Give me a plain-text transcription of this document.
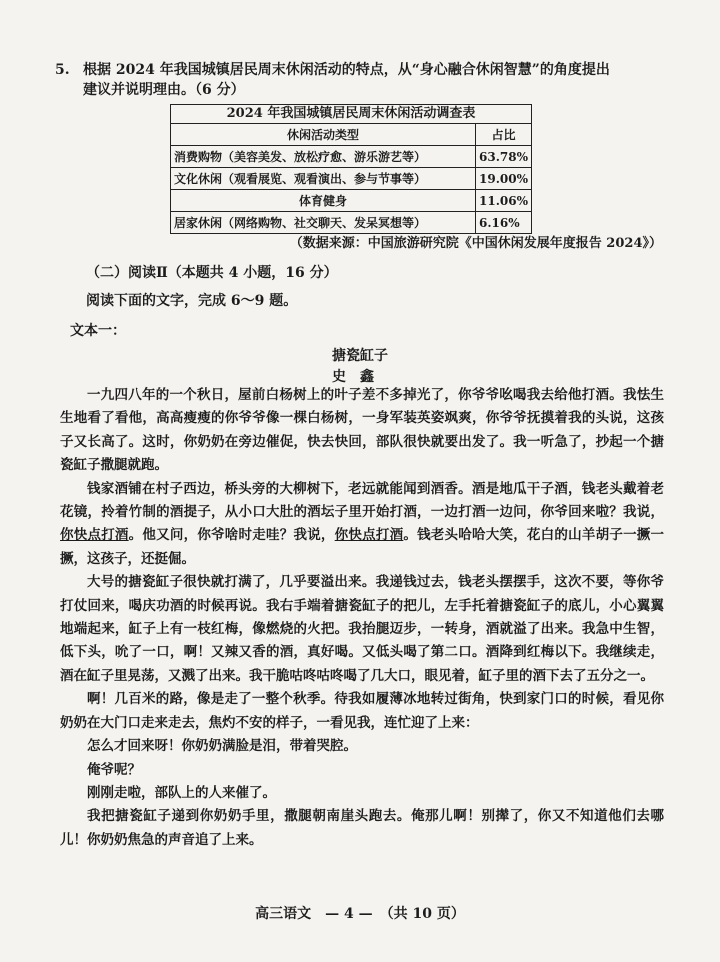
5. 根据 2024 年我国城镇居民周末休闲活动的特点，从“身心融合休闲智慧”的角度提出
建议并说明理由。（6 分）
2024 年我国城镇居民周末休闲活动调查表
休闲活动类型	占比
消费购物（美容美发、放松疗愈、游乐游艺等）	63.78%
文化休闲（观看展览、观看演出、参与节事等）	19.00%
体育健身	11.06%
居家休闲（网络购物、社交聊天、发呆冥想等）	6.16%
（数据来源：中国旅游研究院《中国休闲发展年度报告 2024》）
（二）阅读Ⅱ（本题共 4 小题，16 分）
阅读下面的文字，完成 6～9 题。
文本一：
搪瓷缸子
史鑫

一九四八年的一个秋日，屋前白杨树上的叶子差不多掉光了，你爷爷吆喝我去给他打酒。我怯生生地看了看他，高高瘦瘦的你爷爷像一棵白杨树，一身军装英姿飒爽，你爷爷抚摸着我的头说，这孩子又长高了。这时，你奶奶在旁边催促，快去快回，部队很快就要出发了。我一听急了，抄起一个搪瓷缸子撒腿就跑。

钱家酒铺在村子西边，桥头旁的大柳树下，老远就能闻到酒香。酒是地瓜干子酒，钱老头戴着老花镜，拎着竹制的酒提子，从小口大肚的酒坛子里开始打酒，一边打酒一边问，你爷回来啦？我说，你快点打酒。他又问，你爷啥时走哇？我说，你快点打酒。钱老头哈哈大笑，花白的山羊胡子一撅一撅，这孩子，还挺倔。

大号的搪瓷缸子很快就打满了，几乎要溢出来。我递钱过去，钱老头摆摆手，这次不要，等你爷打仗回来，喝庆功酒的时候再说。我右手端着搪瓷缸子的把儿，左手托着搪瓷缸子的底儿，小心翼翼地端起来，缸子上有一枝红梅，像燃烧的火把。我抬腿迈步，一转身，酒就溢了出来。我急中生智，低下头，吮了一口，啊！又辣又香的酒，真好喝。又低头喝了第二口。酒降到红梅以下。我继续走，酒在缸子里晃荡，又溅了出来。我干脆咕咚咕咚喝了几大口，眼见着，缸子里的酒下去了五分之一。

啊！几百米的路，像是走了一整个秋季。待我如履薄冰地转过街角，快到家门口的时候，看见你奶奶在大门口走来走去，焦灼不安的样子，一看见我，连忙迎了上来：

怎么才回来呀！你奶奶满脸是泪，带着哭腔。

俺爷呢？

刚刚走啦，部队上的人来催了。

我把搪瓷缸子递到你奶奶手里，撒腿朝南崖头跑去。俺那儿啊！别撵了，你又不知道他们去哪儿！你奶奶焦急的声音追了上来。

高三语文　— 4 —　（共 10 页）
